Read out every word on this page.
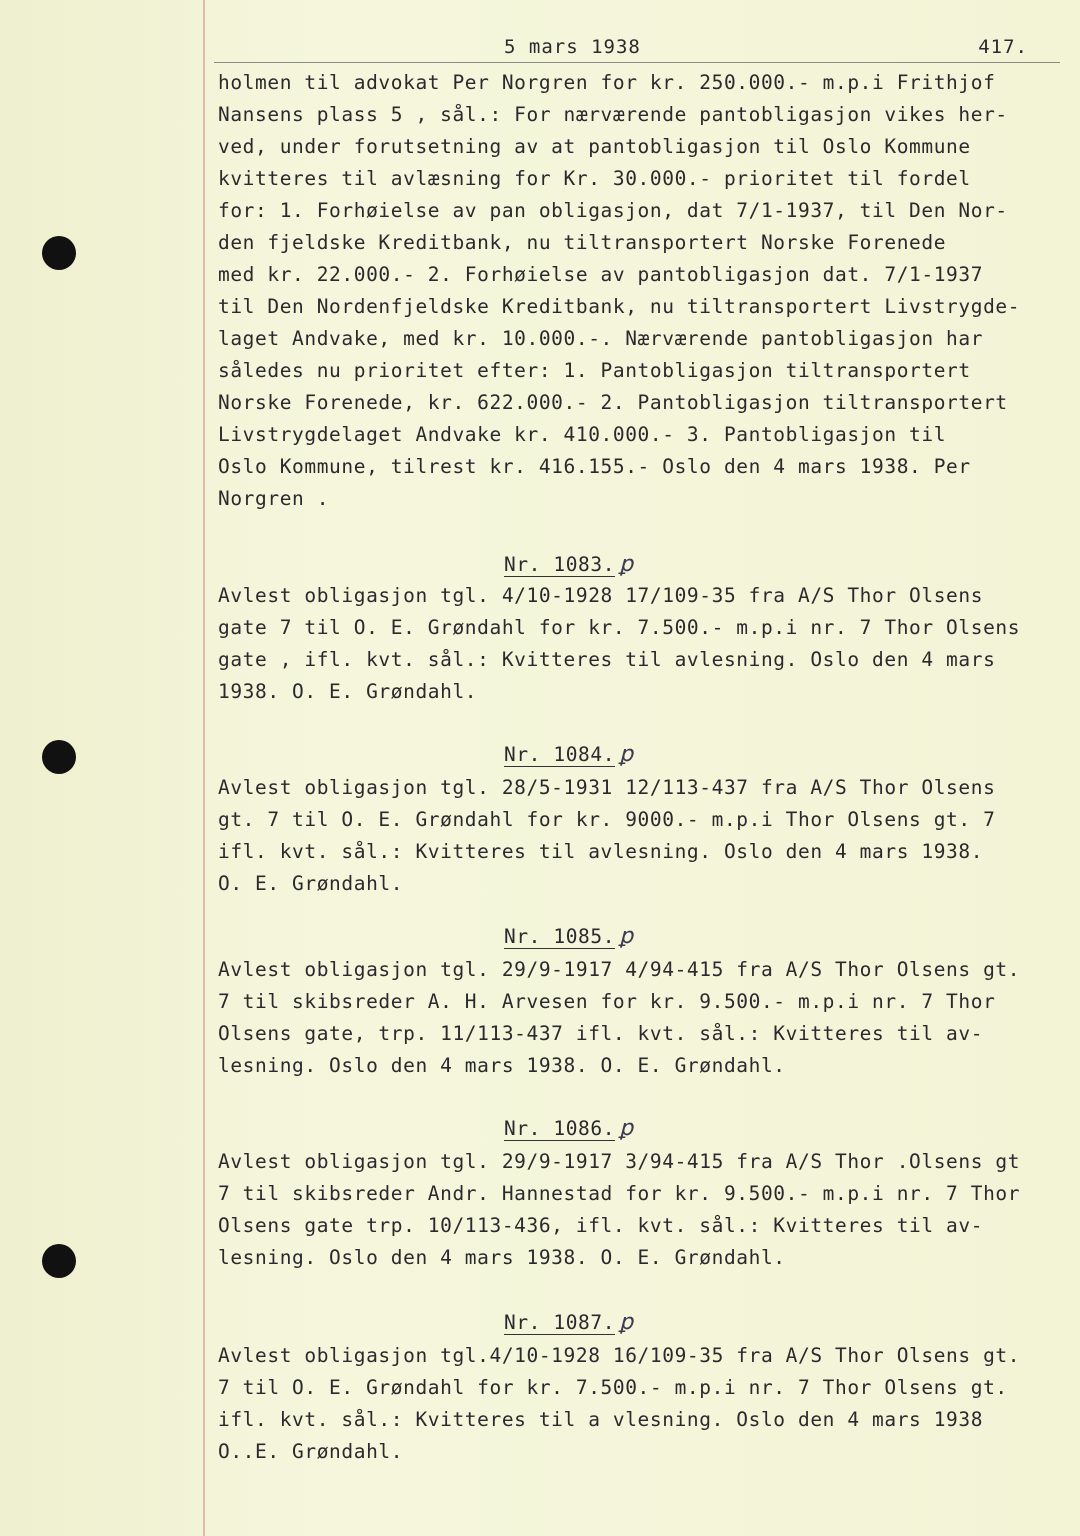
5 mars 1938	417.
holmen til advokat Per Norgren for kr. 250.000.- m.p.i Frithjof
Nansens plass 5 , sål.: For nærværende pantobligasjon vikes her-
ved, under forutsetning av at pantobligasjon til Oslo Kommune
kvitteres til avlæsning for Kr. 30.000.- prioritet til fordel
for: 1. Forhøielse av pan obligasjon, dat 7/1-1937, til Den Nor-
den fjeldske Kreditbank, nu tiltransportert Norske Forenede
med kr. 22.000.- 2. Forhøielse av pantobligasjon dat. 7/1-1937
til Den Nordenfjeldske Kreditbank, nu tiltransportert Livstrygde-
laget Andvake, med kr. 10.000.-. Nærværende pantobligasjon har
således nu prioritet efter: 1. Pantobligasjon tiltransportert
Norske Forenede, kr. 622.000.- 2. Pantobligasjon tiltransportert
Livstrygdelaget Andvake kr. 410.000.- 3. Pantobligasjon til
Oslo Kommune, tilrest kr. 416.155.- Oslo den 4 mars 1938. Per
Norgren .
Nr. 1083. ꝑ
Avlest obligasjon tgl. 4/10-1928 17/109-35 fra A/S Thor Olsens
gate 7 til O. E. Grøndahl for kr. 7.500.- m.p.i nr. 7 Thor Olsens
gate , ifl. kvt. sål.: Kvitteres til avlesning. Oslo den 4 mars
1938. O. E. Grøndahl.
Nr. 1084. ꝑ
Avlest obligasjon tgl. 28/5-1931 12/113-437 fra A/S Thor Olsens
gt. 7 til O. E. Grøndahl for kr. 9000.- m.p.i Thor Olsens gt. 7
ifl. kvt. sål.: Kvitteres til avlesning. Oslo den 4 mars 1938.
O. E. Grøndahl.
Nr. 1085. ꝑ
Avlest obligasjon tgl. 29/9-1917 4/94-415 fra A/S Thor Olsens gt.
7 til skibsreder A. H. Arvesen for kr. 9.500.- m.p.i nr. 7 Thor
Olsens gate, trp. 11/113-437 ifl. kvt. sål.: Kvitteres til av-
lesning. Oslo den 4 mars 1938. O. E. Grøndahl.
Nr. 1086. ꝑ
Avlest obligasjon tgl. 29/9-1917 3/94-415 fra A/S Thor .Olsens gt
7 til skibsreder Andr. Hannestad for kr. 9.500.- m.p.i nr. 7 Thor
Olsens gate trp. 10/113-436, ifl. kvt. sål.: Kvitteres til av-
lesning. Oslo den 4 mars 1938. O. E. Grøndahl.
Nr. 1087. ꝑ
Avlest obligasjon tgl.4/10-1928 16/109-35 fra A/S Thor Olsens gt.
7 til O. E. Grøndahl for kr. 7.500.- m.p.i nr. 7 Thor Olsens gt.
ifl. kvt. sål.: Kvitteres til a vlesning. Oslo den 4 mars 1938
O..E. Grøndahl.
